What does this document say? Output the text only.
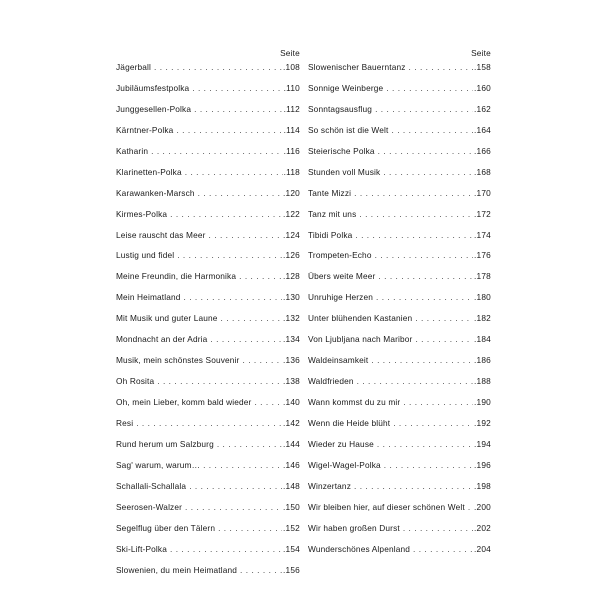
Seite
Jägerball . . .	.108
Jubiläumsfestpolka . . .	.110
Junggesellen-Polka . . .	.112
Kärntner-Polka . . .	.114
Katharin . . .	.116
Klarinetten-Polka . . .	.118
Karawanken-Marsch . . .	.120
Kirmes-Polka . . .	.122
Leise rauscht das Meer . . .	.124
Lustig und fidel . . .	.126
Meine Freundin, die Harmonika . . .	.128
Mein Heimatland . . .	.130
Mit Musik und guter Laune . . .	.132
Mondnacht an der Adria . . .	.134
Musik, mein schönstes Souvenir . . .	.136
Oh Rosita . . .	.138
Oh, mein Lieber, komm bald wieder . . .	.140
Resi . . .	.142
Rund herum um Salzburg . . .	.144
Sag' warum, warum… . . .	.146
Schallali-Schallala . . .	.148
Seerosen-Walzer . . .	.150
Segelflug über den Tälern . . .	.152
Ski-Lift-Polka . . .	.154
Slowenien, du mein Heimatland . . .	.156
Seite
Slowenischer Bauerntanz . . .	.158
Sonnige Weinberge . . .	.160
Sonntagsausflug . . .	.162
So schön ist die Welt . . .	.164
Steierische Polka . . .	.166
Stunden voll Musik . . .	.168
Tante Mizzi . . .	.170
Tanz mit uns . . .	.172
Tibidi Polka . . .	.174
Trompeten-Echo . . .	.176
Übers weite Meer . . .	.178
Unruhige Herzen . . .	.180
Unter blühenden Kastanien . . .	.182
Von Ljubljana nach Maribor . . .	.184
Waldeinsamkeit . . .	.186
Waldfrieden . . .	.188
Wann kommst du zu mir . . .	.190
Wenn die Heide blüht . . .	.192
Wieder zu Hause . . .	.194
Wigel-Wagel-Polka . . .	.196
Winzertanz . . .	.198
Wir bleiben hier, auf dieser schönen Welt . . . .200
Wir haben großen Durst . . .	.202
Wunderschönes Alpenland . . .	.204
